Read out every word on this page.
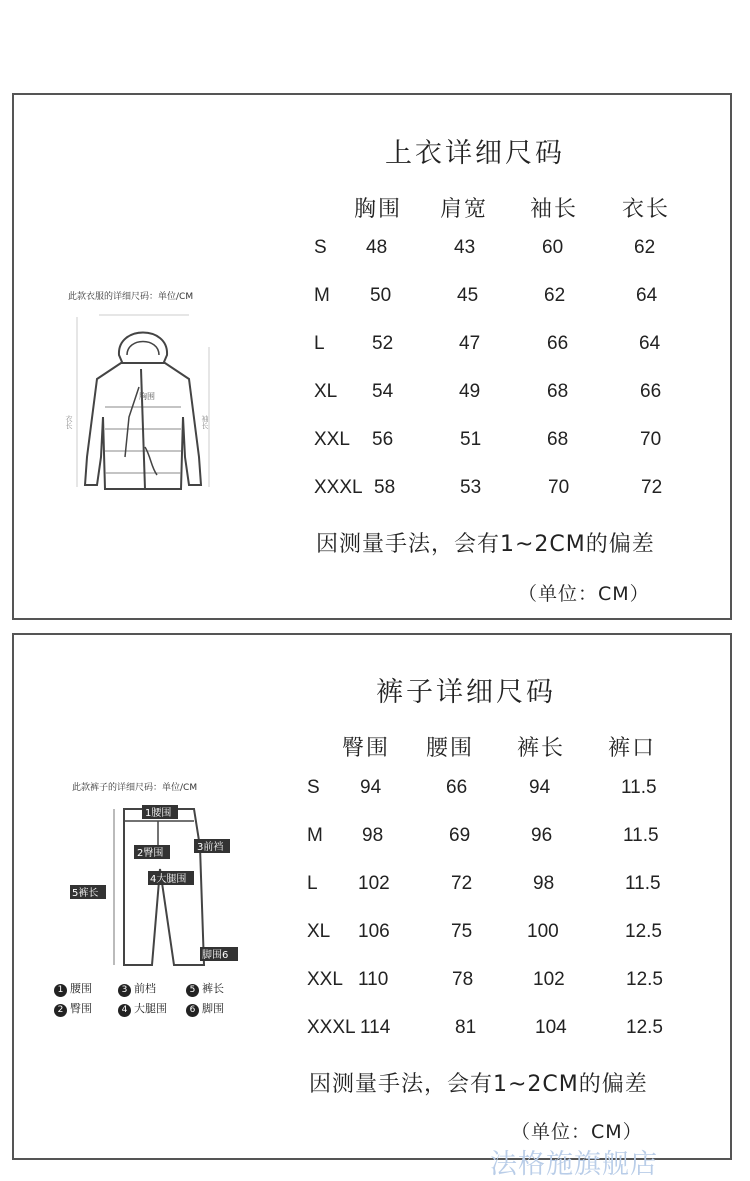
上衣详细尺码
此款衣服的详细尺码：单位/CM
胸围
衣长	袖长
胸围 肩宽 袖长 衣长
S 48	43	60	62
M 50	45	62	64
L 52	47	66	64
XL 54	49	68	66
XXL 56	51	68	70
XXXL 58	53	70	72
因测量手法，会有1~2CM的偏差
（单位：CM）
裤子详细尺码
此款裤子的详细尺码：单位/CM
1腰围
2臀围
3前裆
4大腿围
5裤长
脚围6
1 腰围	3 前档	5 裤长
2 臀围	4 大腿围	6 脚围
臀围 腰围 裤长 裤口
S 94	66	94	11.5
M 98	69	96	11.5
L 102	72	98	11.5
XL 106	75	100	12.5
XXL 110	78	102	12.5
XXXL 114	81	104	12.5
因测量手法，会有1~2CM的偏差
（单位：CM）
法格施旗舰店
